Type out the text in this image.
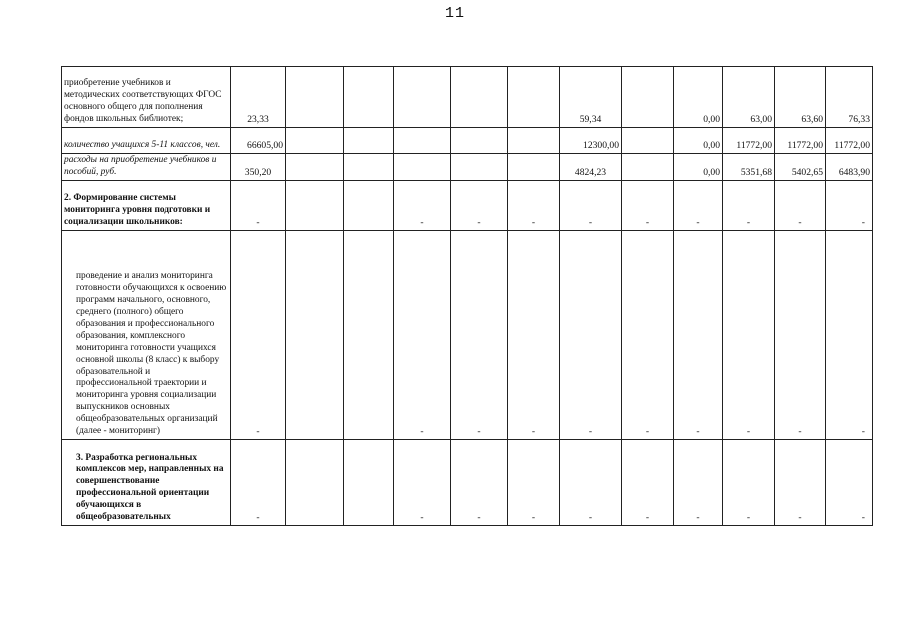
11
приобретение учебников и методических соответствующих ФГОС основного общего для пополнения фондов школьных библиотек;	23,33						59,34		0,00	63,00	63,60	76,33
количество учащихся 5-11 классов, чел.	66605,00						12300,00		0,00	11772,00	11772,00	11772,00
расходы на приобретение учебников и пособий, руб.	350,20						4824,23		0,00	5351,68	5402,65	6483,90
2. Формирование системы мониторинга уровня подготовки и социализации школьников:	-			-	-	-	-	-	-	-	-	-
проведение и анализ мониторинга готовности обучающихся к освоению программ начального, основного, среднего (полного) общего образования и профессионального образования, комплексного мониторинга готовности учащихся основной школы (8 класс) к выбору образовательной и профессиональной траектории и мониторинга уровня социализации выпускников основных общеобразовательных организаций (далее - мониторинг)	-			-	-	-	-	-	-	-	-	-
3. Разработка региональных комплексов мер, направленных на совершенствование профессиональной ориентации обучающихся в общеобразовательных	-			-	-	-	-	-	-	-	-	-
